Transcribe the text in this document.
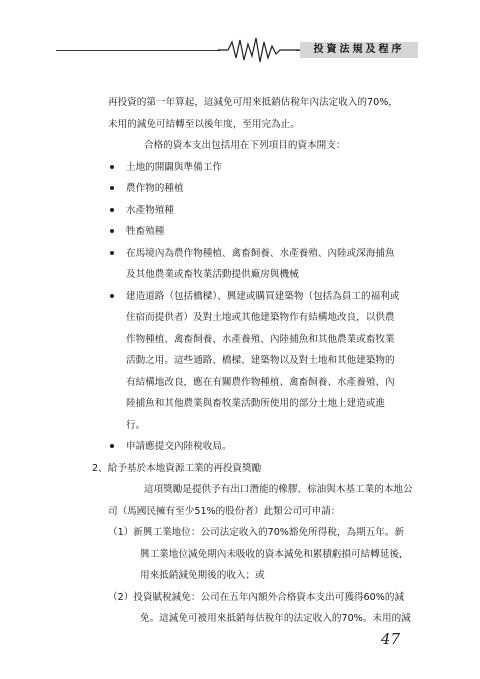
投資法規及程序
再投資的第一年算起，這減免可用來抵銷估稅年內法定收入的70%，
未用的減免可結轉至以後年度，至用完為止。
合格的資本支出包括用在下列項目的資本開支：
土地的開闢與準備工作
農作物的種植
水產物殖種
牲畜殖種
在馬境內為農作物種植、禽畜飼養、水產養殖、內陸或深海捕魚
及其他農業或畜牧業活動提供廠房與機械
建造道路（包括橋樑）、興建或購買建築物（包括為員工的福利或
住宿而提供者）及對土地或其他建築物作有結構地改良，以供農
作物種植、禽畜飼養、水產養殖、內陸捕魚和其他農業或畜牧業
活動之用。這些通路、橋樑、建築物以及對土地和其他建築物的
有結構地改良，應在有關農作物種植、禽畜飼養、水產養殖、內
陸捕魚和其他農業與畜牧業活動所使用的部分土地上建造或進
行。
申請應提交內陸稅收局。
2、給予基於本地資源工業的再投資獎勵
這項獎勵是提供予有出口潛能的橡膠、棕油與木基工業的本地公
司（馬國民擁有至少51%的股份者）此類公司可申請：
（1）新興工業地位：公司法定收入的70%豁免所得稅，為期五年。新
興工業地位減免期內未吸收的資本減免和累積虧損可結轉延後，
用來抵銷減免期後的收入；或
（2）投資賦稅減免：公司在五年內額外合格資本支出可獲得60%的減
免。這減免可被用來抵銷每估稅年的法定收入的70%。未用的減
47
